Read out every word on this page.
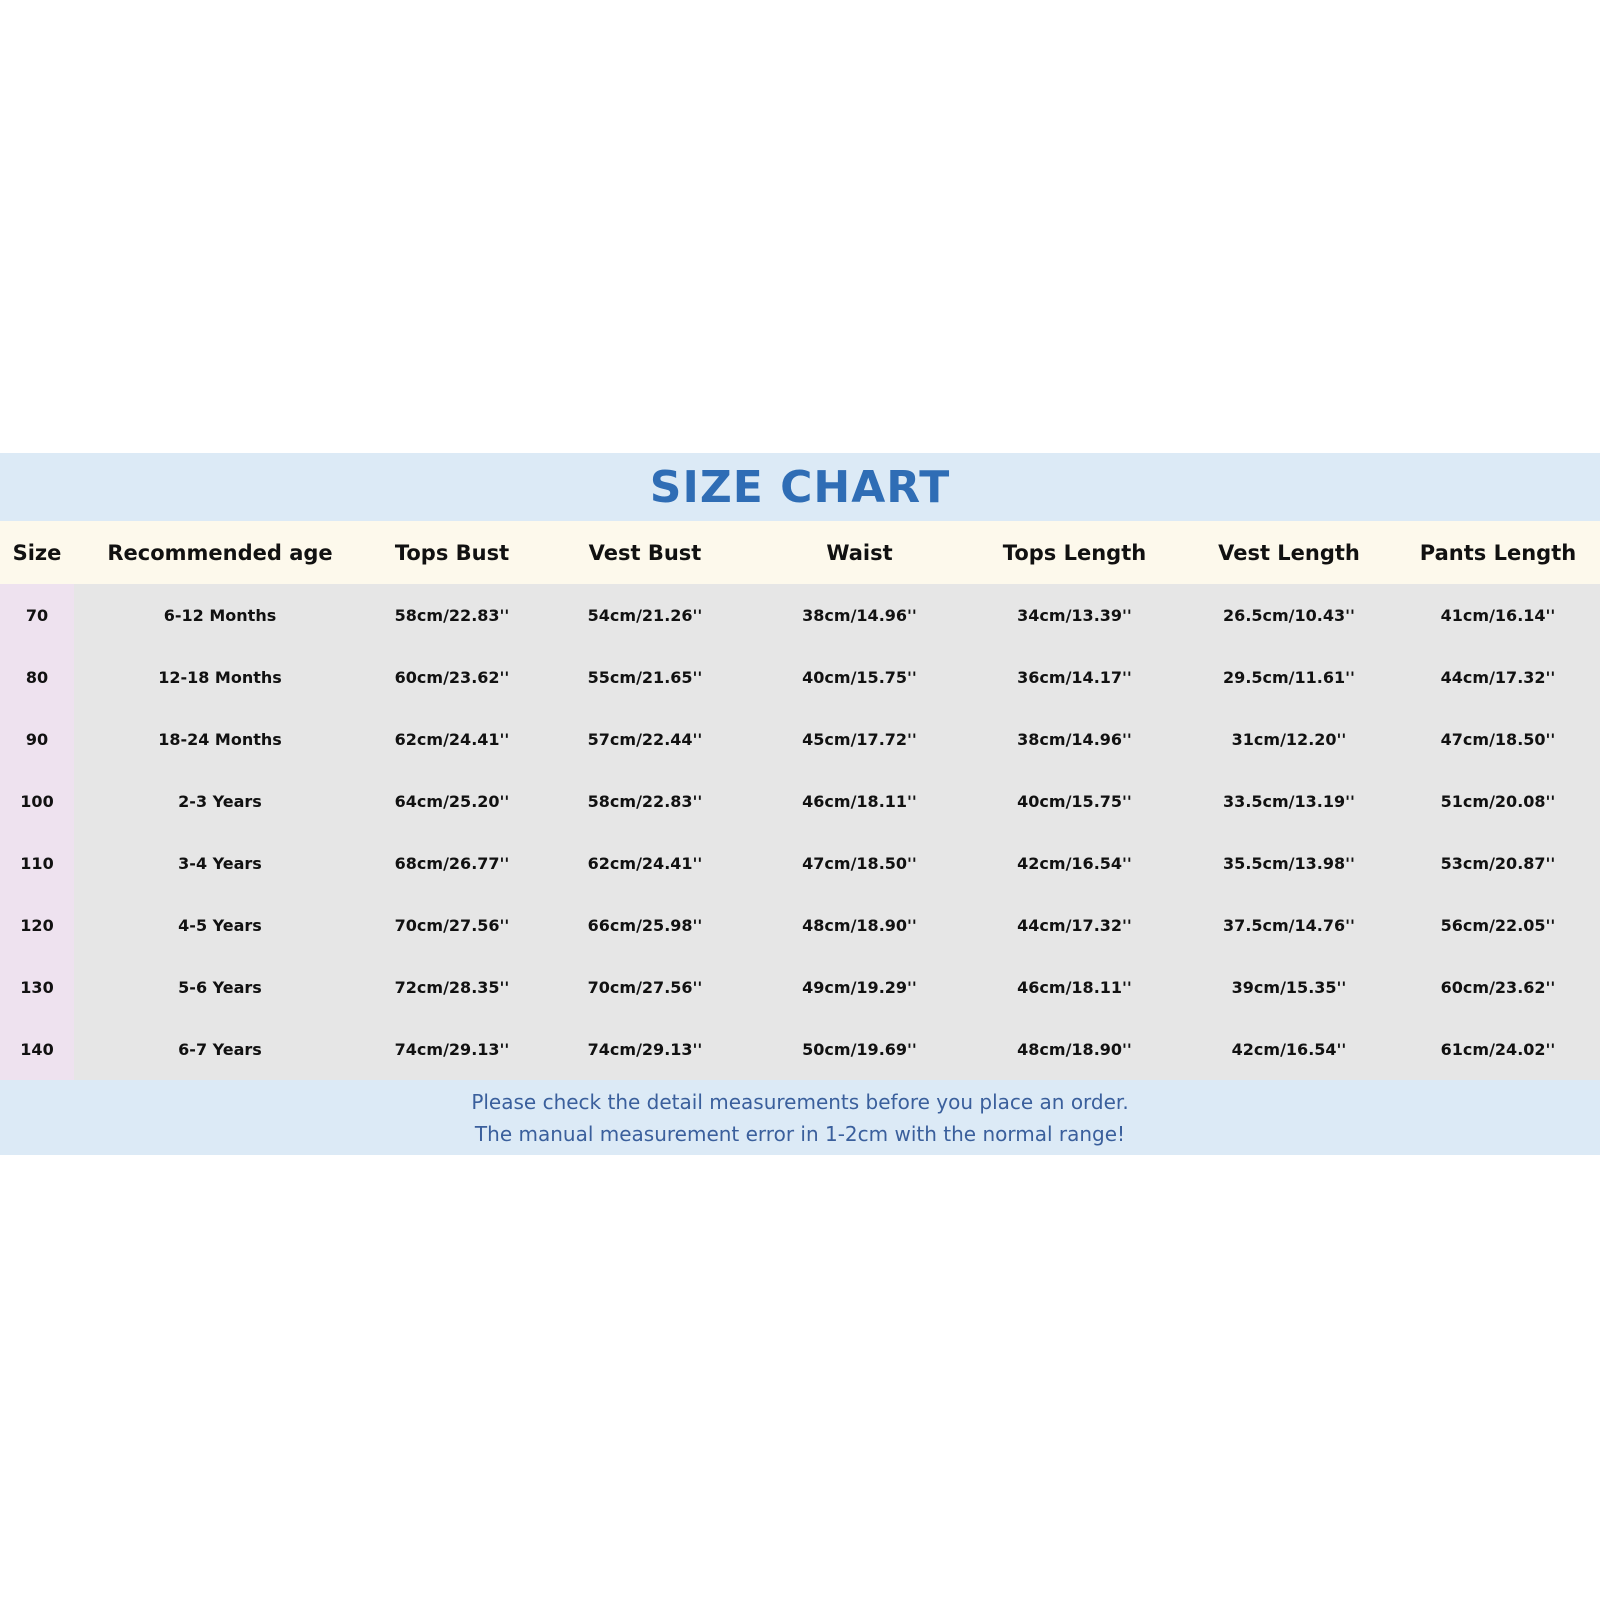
SIZE CHART
Size	Recommended age	Tops Bust	Vest Bust	Waist	Tops Length	Vest Length	Pants Length
70	6-12 Months	58cm/22.83''	54cm/21.26''	38cm/14.96''	34cm/13.39''	26.5cm/10.43''	41cm/16.14''
80	12-18 Months	60cm/23.62''	55cm/21.65''	40cm/15.75''	36cm/14.17''	29.5cm/11.61''	44cm/17.32''
90	18-24 Months	62cm/24.41''	57cm/22.44''	45cm/17.72''	38cm/14.96''	31cm/12.20''	47cm/18.50''
100	2-3 Years	64cm/25.20''	58cm/22.83''	46cm/18.11''	40cm/15.75''	33.5cm/13.19''	51cm/20.08''
110	3-4 Years	68cm/26.77''	62cm/24.41''	47cm/18.50''	42cm/16.54''	35.5cm/13.98''	53cm/20.87''
120	4-5 Years	70cm/27.56''	66cm/25.98''	48cm/18.90''	44cm/17.32''	37.5cm/14.76''	56cm/22.05''
130	5-6 Years	72cm/28.35''	70cm/27.56''	49cm/19.29''	46cm/18.11''	39cm/15.35''	60cm/23.62''
140	6-7 Years	74cm/29.13''	74cm/29.13''	50cm/19.69''	48cm/18.90''	42cm/16.54''	61cm/24.02''
Please check the detail measurements before you place an order.
The manual measurement error in 1-2cm with the normal range!
